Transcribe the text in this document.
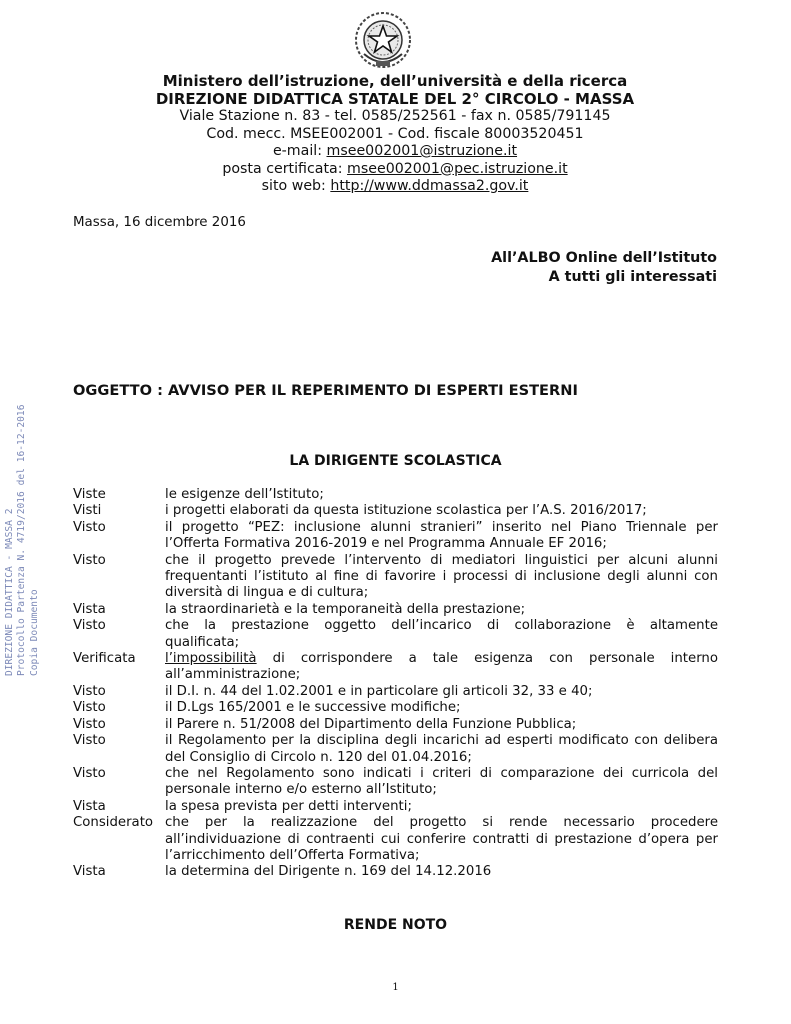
Ministero dell’istruzione, dell’università e della ricerca
DIREZIONE DIDATTICA STATALE DEL 2° CIRCOLO - MASSA
Viale Stazione n. 83 - tel. 0585/252561 - fax n. 0585/791145
Cod. mecc. MSEE002001 - Cod. fiscale 80003520451
e-mail: msee002001@istruzione.it
posta certificata: msee002001@pec.istruzione.it
sito web: http://www.ddmassa2.gov.it
Massa, 16 dicembre 2016
All’ALBO Online dell’Istituto
A tutti gli interessati
DIREZIONE DIDATTICA - MASSA 2 Protocollo Partenza N. 4719/2016 del 16-12-2016 Copia Documento
OGGETTO : AVVISO PER IL REPERIMENTO DI ESPERTI ESTERNI
LA DIRIGENTE SCOLASTICA
Viste	le esigenze dell’Istituto;
Visti	i progetti elaborati da questa istituzione scolastica per l’A.S. 2016/2017;
Visto	il progetto “PEZ: inclusione alunni stranieri” inserito nel Piano Triennale per
l’Offerta Formativa 2016-2019 e nel Programma Annuale EF 2016;
Visto	che il progetto prevede l’intervento di mediatori linguistici per alcuni alunni
frequentanti l’istituto al fine di favorire i processi di inclusione degli alunni con
diversità di lingua e di cultura;
Vista	la straordinarietà e la temporaneità della prestazione;
Visto	che la prestazione oggetto dell’incarico di collaborazione è altamente
qualificata;
Verificata	l’impossibilità di corrispondere a tale esigenza con personale interno
all’amministrazione;
Visto	il D.I. n. 44 del 1.02.2001 e in particolare gli articoli 32, 33 e 40;
Visto	il D.Lgs 165/2001 e le successive modifiche;
Visto	il Parere n. 51/2008 del Dipartimento della Funzione Pubblica;
Visto	il Regolamento per la disciplina degli incarichi ad esperti modificato con delibera
del Consiglio di Circolo n. 120 del 01.04.2016;
Visto	che nel Regolamento sono indicati i criteri di comparazione dei curricola del
personale interno e/o esterno all’Istituto;
Vista	la spesa prevista per detti interventi;
Considerato che per la realizzazione del progetto si rende necessario procedere
all’individuazione di contraenti cui conferire contratti di prestazione d’opera per
l’arricchimento dell’Offerta Formativa;
Vista	la determina del Dirigente n. 169 del 14.12.2016
RENDE NOTO
1
